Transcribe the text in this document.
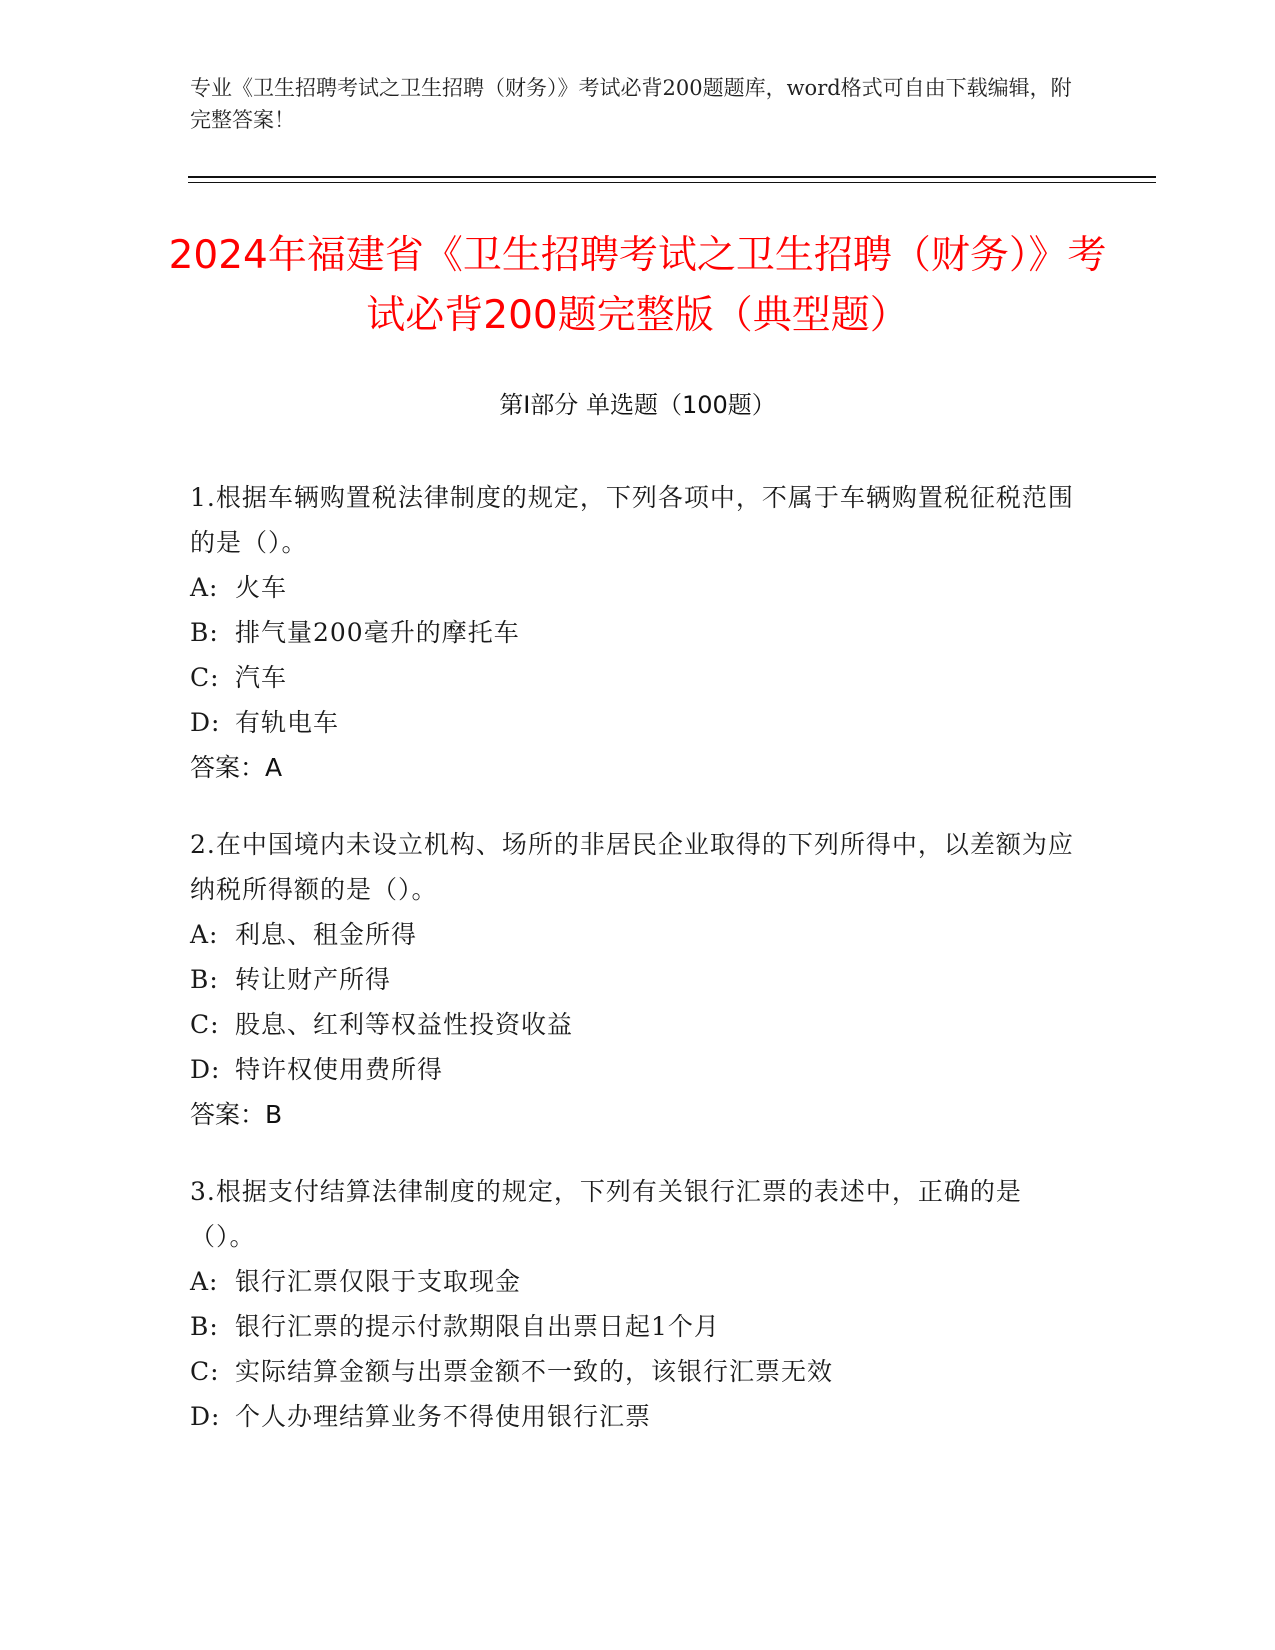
专业《卫生招聘考试之卫生招聘（财务）》考试必背200题题库，word格式可自由下载编辑，附完整答案！
2024年福建省《卫生招聘考试之卫生招聘（财务）》考试必背200题完整版（典型题）
第I部分 单选题（100题）

1.根据车辆购置税法律制度的规定，下列各项中，不属于车辆购置税征税范围的是（）。

A: 火车
B: 排气量200毫升的摩托车
C: 汽车
D: 有轨电车
答案：A

2.在中国境内未设立机构、场所的非居民企业取得的下列所得中，以差额为应纳税所得额的是（）。

A: 利息、租金所得
B: 转让财产所得
C: 股息、红利等权益性投资收益
D: 特许权使用费所得
答案：B

3.根据支付结算法律制度的规定，下列有关银行汇票的表述中，正确的是（）。

A: 银行汇票仅限于支取现金
B: 银行汇票的提示付款期限自出票日起1个月
C: 实际结算金额与出票金额不一致的，该银行汇票无效
D: 个人办理结算业务不得使用银行汇票
